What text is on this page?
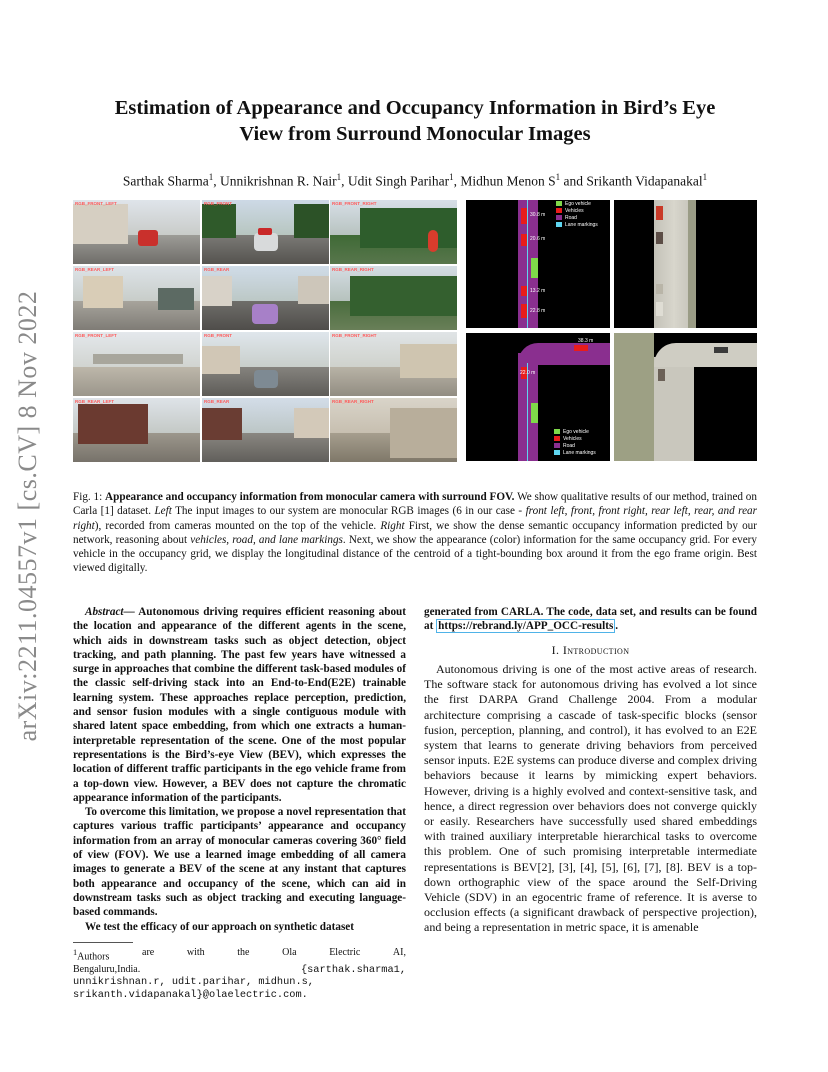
arXiv:2211.04557v1 [cs.CV] 8 Nov 2022
Estimation of Appearance and Occupancy Information in Bird’s Eye
View from Surround Monocular Images
Sarthak Sharma$^1$, Unnikrishnan R. Nair$^1$, Udit Singh Parihar$^1$, Midhun Menon $S^1$ and Srikanth Vidapanakal$^1$
RGB_FRONT_LEFT	RGB_FRONT	RGB_FRONT_RIGHT
RGB_REAR_LEFT	RGB_REAR	RGB_REAR_RIGHT
RGB_FRONT_LEFT	RGB_FRONT	RGB_FRONT_RIGHT
RGB_REAR_LEFT	RGB_REAR	RGB_REAR_RIGHT
30.8 m
20.6 m
13.2 m
22.8 m
Ego vehicle
Vehicles
Road
Lane markings
38.3 m
22.0 m
Ego vehicle
Vehicles
Road
Lane markings
Fig. 1: Appearance and occupancy information from monocular camera with surround FOV. We show qualitative results of our method, trained on Carla [1] dataset. Left The input images to our system are monocular RGB images (6 in our case - front left, front, front right, rear left, rear, and rear right), recorded from cameras mounted on the top of the vehicle. Right First, we show the dense semantic occupancy information predicted by our network, reasoning about vehicles, road, and lane markings. Next, we show the appearance (color) information for the same occupancy grid. For every vehicle in the occupancy grid, we display the longitudinal distance of the centroid of a tight-bounding box around it from the ego frame origin. Best viewed digitally.

Abstract— Autonomous driving requires efficient reasoning about the location and appearance of the different agents in the scene, which aids in downstream tasks such as object detection, object tracking, and path planning. The past few years have witnessed a surge in approaches that combine the different task-based modules of the classic self-driving stack into an End-to-End(E2E) trainable learning system. These approaches replace perception, prediction, and sensor fusion modules with a single contiguous module with shared latent space embedding, from which one extracts a human-interpretable representation of the scene. One of the most popular representations is the Bird’s-eye View (BEV), which expresses the location of different traffic participants in the ego vehicle frame from a top-down view. However, a BEV does not capture the chromatic appearance information of the participants.

To overcome this limitation, we propose a novel representation that captures various traffic participants’ appearance and occupancy information from an array of monocular cameras covering 360° field of view (FOV). We use a learned image embedding of all camera images to generate a BEV of the scene at any instant that captures both appearance and occupancy of the scene, which can aid in downstream tasks such as object tracking and executing language-based commands.

We test the efficacy of our approach on synthetic dataset

generated from CARLA. The code, data set, and results can be found at https://rebrand.ly/APP_OCC-results .
I. Introduction

Autonomous driving is one of the most active areas of research. The software stack for autonomous driving has evolved a lot since the first DARPA Grand Challenge 2004. From a modular architecture comprising a cascade of task-specific blocks (sensor fusion, perception, planning, and control), it has evolved to an E2E system that learns to generate driving behaviors from perceived sensor inputs. E2E systems can produce diverse and complex driving behaviors because it learns by mimicking expert behaviors. However, driving is a highly evolved and context-sensitive task, and hence, a direct regression over behaviors does not converge quickly or easily. Researchers have successfully used shared embeddings with trained auxiliary interpretable hierarchical tasks to overcome this problem. One of such promising interpretable intermediate representations is BEV[2], [3], [4], [5], [6], [7], [8]. BEV is a top-down orthographic view of the space around the Self-Driving Vehicle (SDV) in an egocentric frame of reference. It is averse to occlusion effects (a significant drawback of perspective projection), and being a representation in metric space, it is amenable

$^1$Authors	are	with	the	Ola	Electric	AI,
Bengaluru,India.	{sarthak.sharma1,
unnikrishnan.r, udit.parihar, midhun.s,
srikanth.vidapanakal}@olaelectric.com.
